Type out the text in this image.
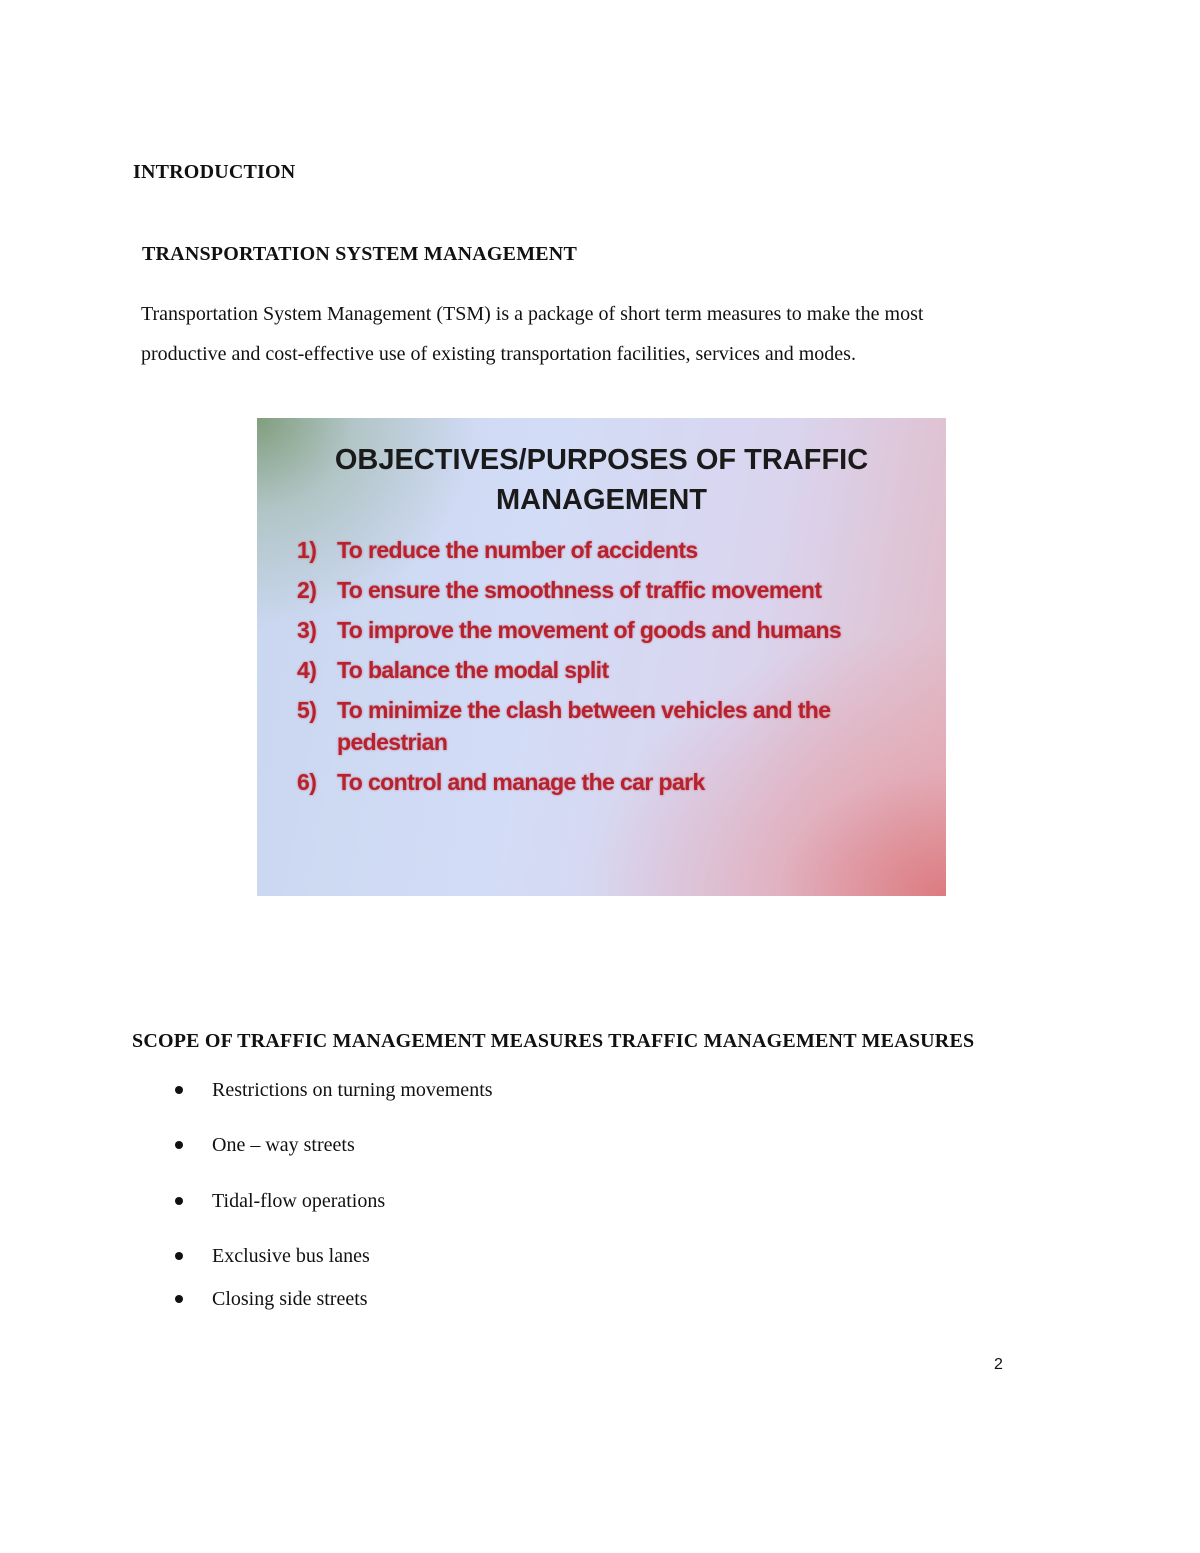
INTRODUCTION
TRANSPORTATION SYSTEM MANAGEMENT
Transportation System Management (TSM) is a package of short term measures to make the most
productive and cost-effective use of existing transportation facilities, services and modes.
OBJECTIVES/PURPOSES OF TRAFFIC
MANAGEMENT
1) To reduce the number of accidents
2) To ensure the smoothness of traffic movement
3) To improve the movement of goods and humans
4) To balance the modal split
5) To minimize the clash between vehicles and the pedestrian
6) To control and manage the car park
SCOPE OF TRAFFIC MANAGEMENT MEASURES TRAFFIC MANAGEMENT MEASURES
Restrictions on turning movements
One – way streets
Tidal-flow operations
Exclusive bus lanes
Closing side streets
2
